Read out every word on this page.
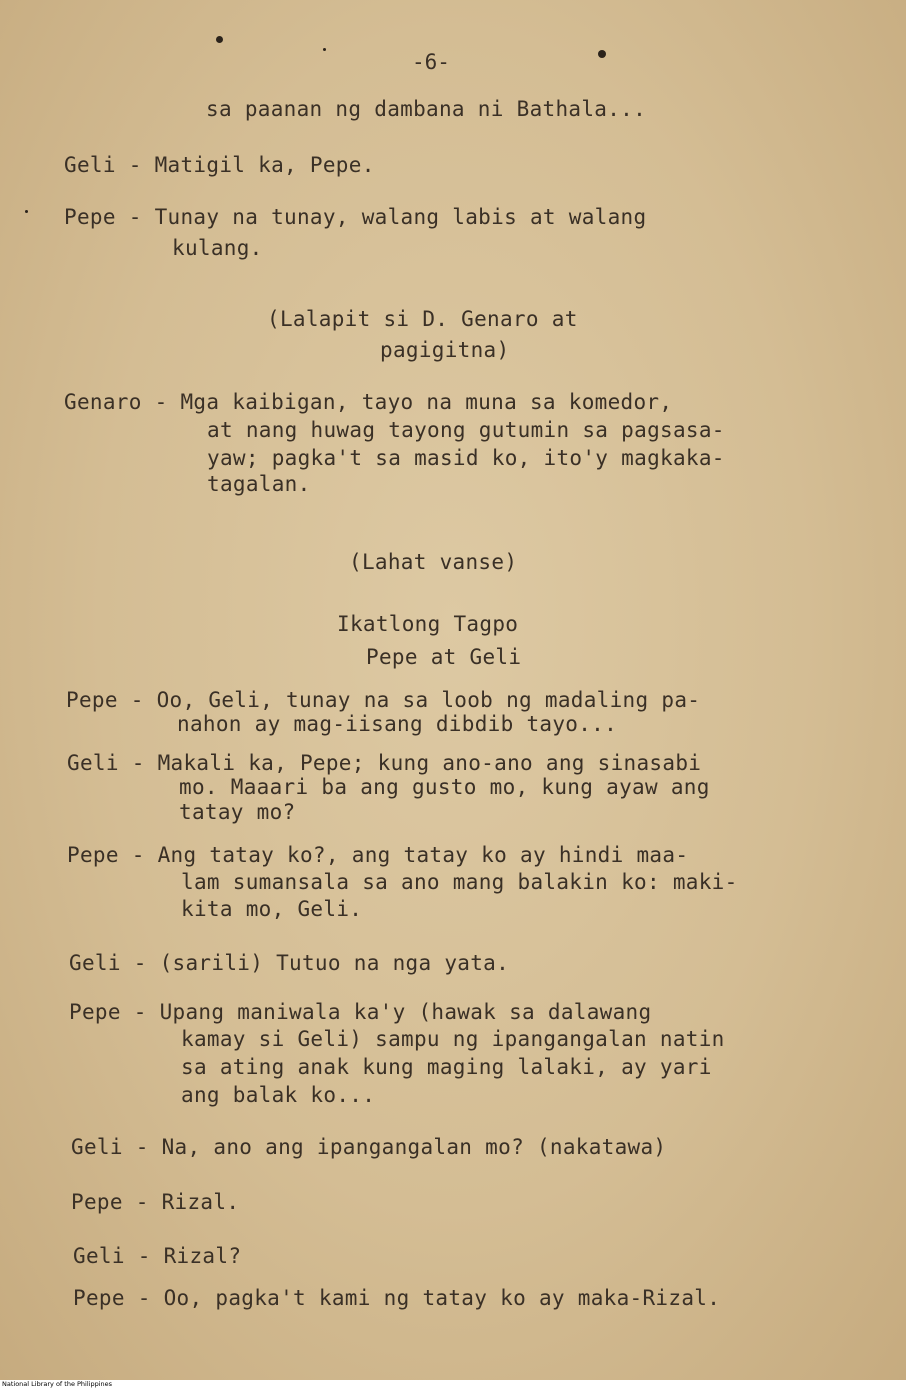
-6-
sa paanan ng dambana ni Bathala...
Geli - Matigil ka, Pepe.
Pepe - Tunay na tunay, walang labis at walang
kulang.
(Lalapit si D. Genaro at
pagigitna)
Genaro - Mga kaibigan, tayo na muna sa komedor,
at nang huwag tayong gutumin sa pagsasa-
yaw; pagka't sa masid ko, ito'y magkaka-
tagalan.
(Lahat vanse)
Ikatlong Tagpo
Pepe at Geli
Pepe - Oo, Geli, tunay na sa loob ng madaling pa-
nahon ay mag-iisang dibdib tayo...
Geli - Makali ka, Pepe; kung ano-ano ang sinasabi
mo. Maaari ba ang gusto mo, kung ayaw ang
tatay mo?
Pepe - Ang tatay ko?, ang tatay ko ay hindi maa-
lam sumansala sa ano mang balakin ko: maki-
kita mo, Geli.
Geli - (sarili) Tutuo na nga yata.
Pepe - Upang maniwala ka'y (hawak sa dalawang
kamay si Geli) sampu ng ipangangalan natin
sa ating anak kung maging lalaki, ay yari
ang balak ko...
Geli - Na, ano ang ipangangalan mo? (nakatawa)
Pepe - Rizal.
Geli - Rizal?
Pepe - Oo, pagka't kami ng tatay ko ay maka-Rizal.
National Library of the Philippines
